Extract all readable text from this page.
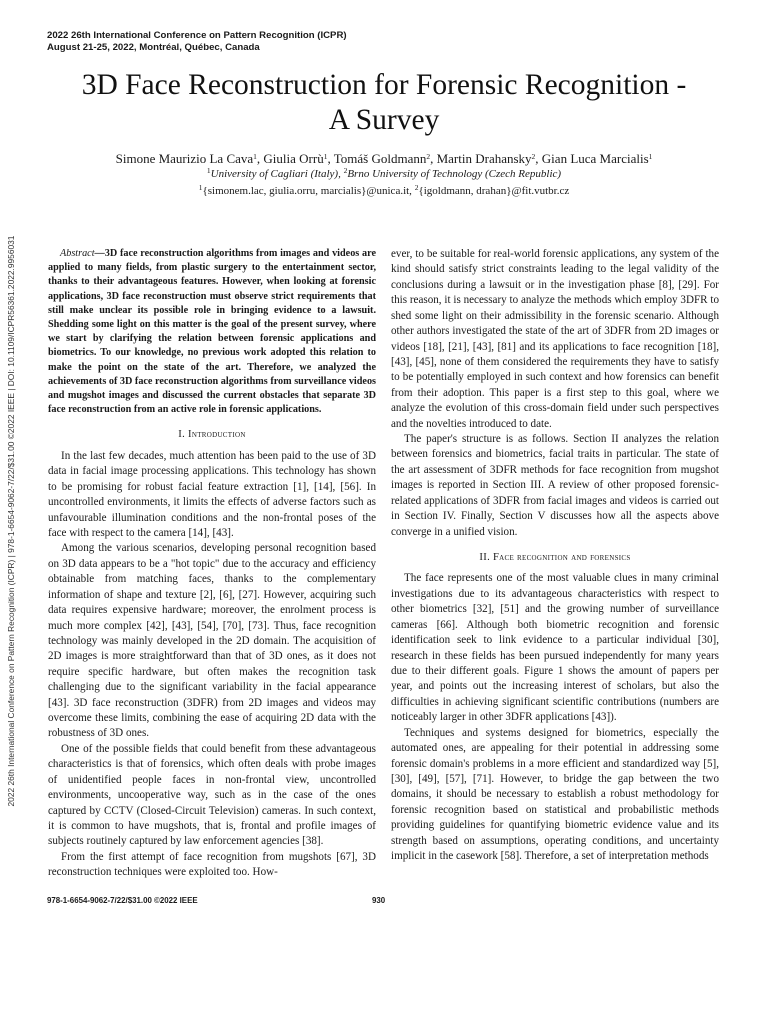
2022 26th International Conference on Pattern Recognition (ICPR)
August 21-25, 2022, Montréal, Québec, Canada
3D Face Reconstruction for Forensic Recognition -
A Survey
Simone Maurizio La Cava$^1$, Giulia Orrù$^1$, Tomáš Goldmann$^2$, Martin Drahansky$^2$, Gian Luca Marcialis$^1$
$^1$University of Cagliari (Italy), $^2$Brno University of Technology (Czech Republic)
$^1${simonem.lac, giulia.orru, marcialis}@unica.it, $^2${igoldmann, drahan}@fit.vutbr.cz
2022 26th International Conference on Pattern Recognition (ICPR) | 978-1-6654-9062-7/22/$31.00 ©2022 IEEE | DOI: 10.1109/ICPR56361.2022.9956031	Abstract—3D face reconstruction algorithms from images and videos are applied to many fields, from plastic surgery to the entertainment sector, thanks to their advantageous features. However, when looking at forensic applications, 3D face reconstruction must observe strict requirements that still make unclear its possible role in bringing evidence to a lawsuit. Shedding some light on this matter is the goal of the present survey, where we start by clarifying the relation between forensic applications and biometrics. To our knowledge, no previous work adopted this relation to make the point on the state of the art. Therefore, we analyzed the achievements of 3D face reconstruction algorithms from surveillance videos and mugshot images and discussed the current obstacles that separate 3D face reconstruction from an active role in forensic applications.

I. Introduction

In the last few decades, much attention has been paid to the use of 3D data in facial image processing applications. This technology has shown to be promising for robust facial feature extraction [1], [14], [56]. In uncontrolled environments, it limits the effects of adverse factors such as unfavourable illumination conditions and the non-frontal poses of the face with respect to the camera [14], [43].

Among the various scenarios, developing personal recognition based on 3D data appears to be a "hot topic" due to the accuracy and efficiency obtainable from matching faces, thanks to the complementary information of shape and texture [2], [6], [27]. However, acquiring such data requires expensive hardware; moreover, the enrolment process is much more complex [42], [43], [54], [70], [73]. Thus, face recognition technology was mainly developed in the 2D domain. The acquisition of 2D images is more straightforward than that of 3D ones, as it does not require specific hardware, but often makes the recognition task challenging due to the significant variability in the facial appearance [43]. 3D face reconstruction (3DFR) from 2D images and videos may overcome these limits, combining the ease of acquiring 2D data with the robustness of 3D ones.

One of the possible fields that could benefit from these advantageous characteristics is that of forensics, which often deals with probe images of unidentified people faces in non-frontal view, uncontrolled environments, uncooperative way, such as in the case of the ones captured by CCTV (Closed-Circuit Television) cameras. In such context, it is common to have mugshots, that is, frontal and profile images of subjects routinely captured by law enforcement agencies [38].

From the first attempt of face recognition from mugshots [67], 3D reconstruction techniques were exploited too. How-

ever, to be suitable for real-world forensic applications, any system of the kind should satisfy strict constraints leading to the legal validity of the conclusions during a lawsuit or in the investigation phase [8], [29]. For this reason, it is necessary to analyze the methods which employ 3DFR to shed some light on their admissibility in the forensic scenario. Although other authors investigated the state of the art of 3DFR from 2D images or videos [18], [21], [43], [81] and its applications to face recognition [18], [43], [45], none of them considered the requirements they have to satisfy to be potentially employed in such context and how forensics can benefit from their adoption. This paper is a first step to this goal, where we analyze the evolution of this cross-domain field under such perspectives and the novelties introduced to date.

The paper's structure is as follows. Section II analyzes the relation between forensics and biometrics, facial traits in particular. The state of the art assessment of 3DFR methods for face recognition from mugshot images is reported in Section III. A review of other proposed forensic-related applications of 3DFR from facial images and videos is carried out in Section IV. Finally, Section V discusses how all the aspects above converge in a unified vision.

II. Face recognition and forensics

The face represents one of the most valuable clues in many criminal investigations due to its advantageous characteristics with respect to other biometrics [32], [51] and the growing number of surveillance cameras [66]. Although both biometric recognition and forensic identification seek to link evidence to a particular individual [30], research in these fields has been pursued independently for many years due to their different goals. Figure 1 shows the amount of papers per year, and points out the increasing interest of scholars, but also the difficulties in achieving significant scientific contributions (numbers are noticeably larger in other 3DFR applications [43]).

Techniques and systems designed for biometrics, especially the automated ones, are appealing for their potential in addressing some forensic domain's problems in a more efficient and standardized way [5], [30], [49], [57], [71]. However, to bridge the gap between the two domains, it should be necessary to establish a robust methodology for forensic recognition based on statistical and probabilistic methods providing guidelines for quantifying biometric evidence value and its strength based on assumptions, operating conditions, and uncertainty implicit in the casework [58]. Therefore, a set of interpretation methods

978-1-6654-9062-7/22/$31.00 ©2022 IEEE	930
